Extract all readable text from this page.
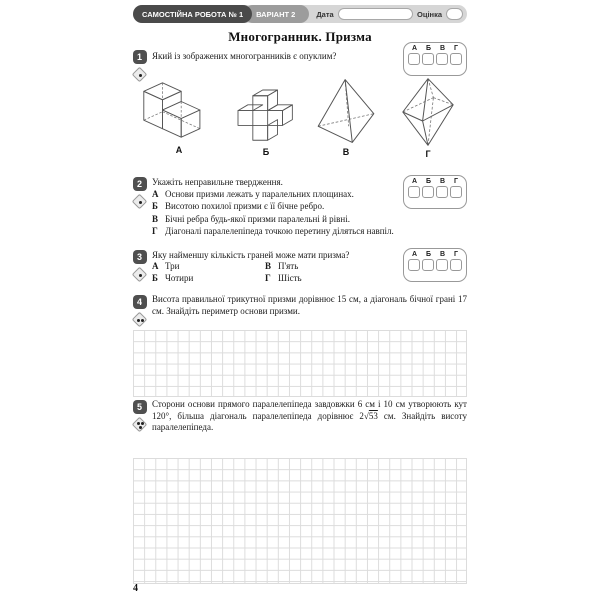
САМОСТІЙНА РОБОТА № 1	ВАРІАНТ 2	Дата	Оцінка
Многогранник. Призма
1	Який із зображених многогранників є опуклим?
А Б В Г
А	Б	В	Г
2	Укажіть неправильне твердження.
А Основи призми лежать у паралельних площинах.
Б Висотою похилої призми є її бічне ребро.
В Бічні ребра будь-якої призми паралельні й рівні.
Г Діагоналі паралелепіпеда точкою перетину діляться навпіл.
А Б В Г
3	Яку найменшу кількість граней може мати призма?
А Три
Б Чотири
В П'ять
Г Шість
А Б В Г
4	Висота правильної трикутної призми дорівнює 15 см, а діагональ бічної грані 17 см. Знайдіть периметр основи призми.
5	Сторони основи прямого паралелепіпеда завдовжки 6 см і 10 см утворюють кут 120°, більша діагональ паралелепіпеда дорівнює 2√53 см. Знайдіть висоту паралелепіпеда.
4
